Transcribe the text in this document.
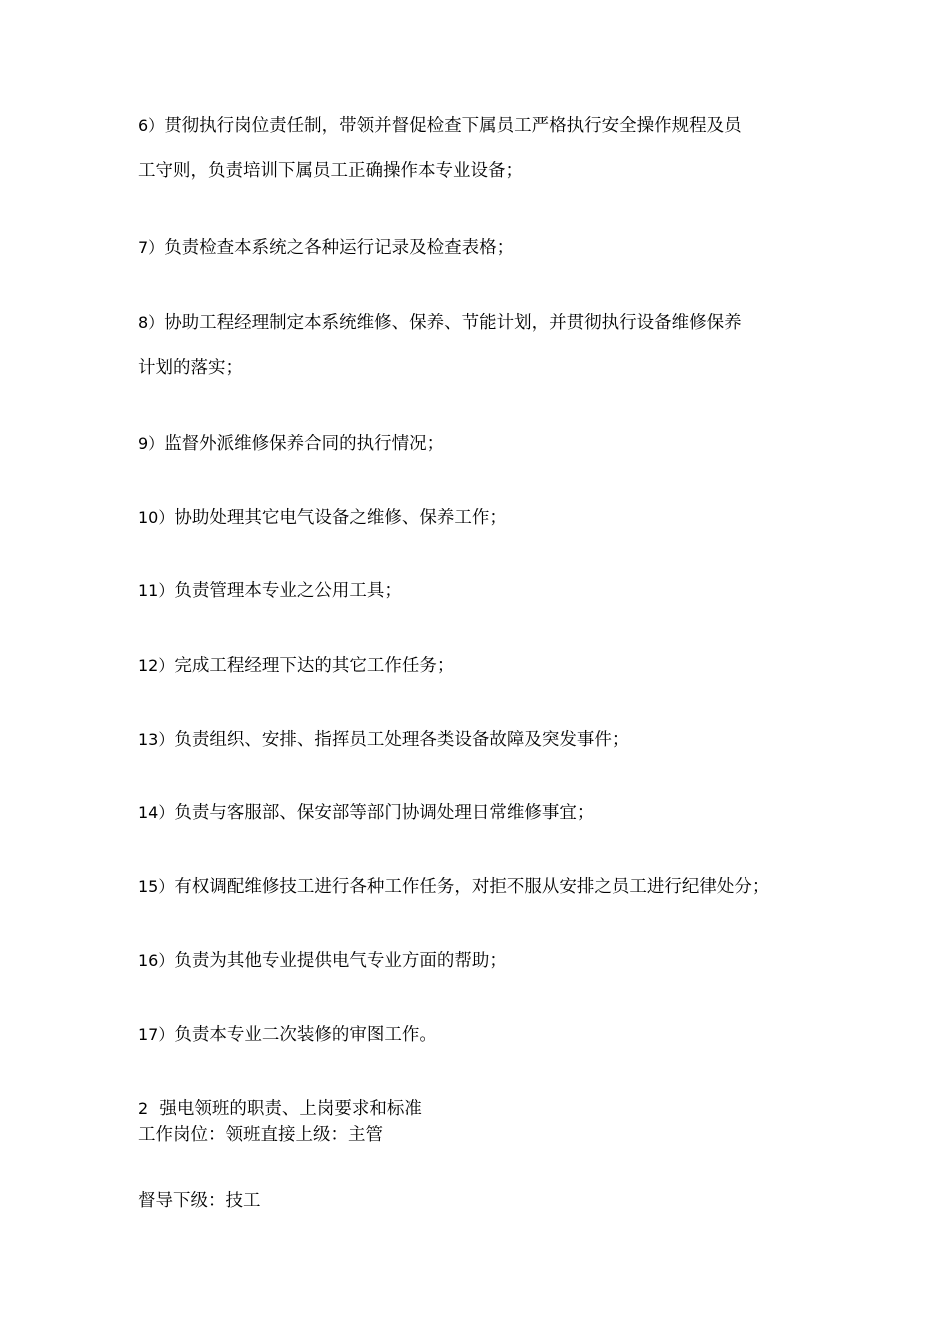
6）贯彻执行岗位责任制，带领并督促检查下属员工严格执行安全操作规程及员

工守则，负责培训下属员工正确操作本专业设备；

7）负责检查本系统之各种运行记录及检查表格；

8）协助工程经理制定本系统维修、保养、节能计划，并贯彻执行设备维修保养

计划的落实；

9）监督外派维修保养合同的执行情况；

10）协助处理其它电气设备之维修、保养工作；

11）负责管理本专业之公用工具；

12）完成工程经理下达的其它工作任务；

13）负责组织、安排、指挥员工处理各类设备故障及突发事件；

14）负责与客服部、保安部等部门协调处理日常维修事宜；

15）有权调配维修技工进行各种工作任务，对拒不服从安排之员工进行纪律处分；

16）负责为其他专业提供电气专业方面的帮助；

17）负责本专业二次装修的审图工作。

2 强电领班的职责、上岗要求和标准

工作岗位：领班直接上级：主管

督导下级：技工
